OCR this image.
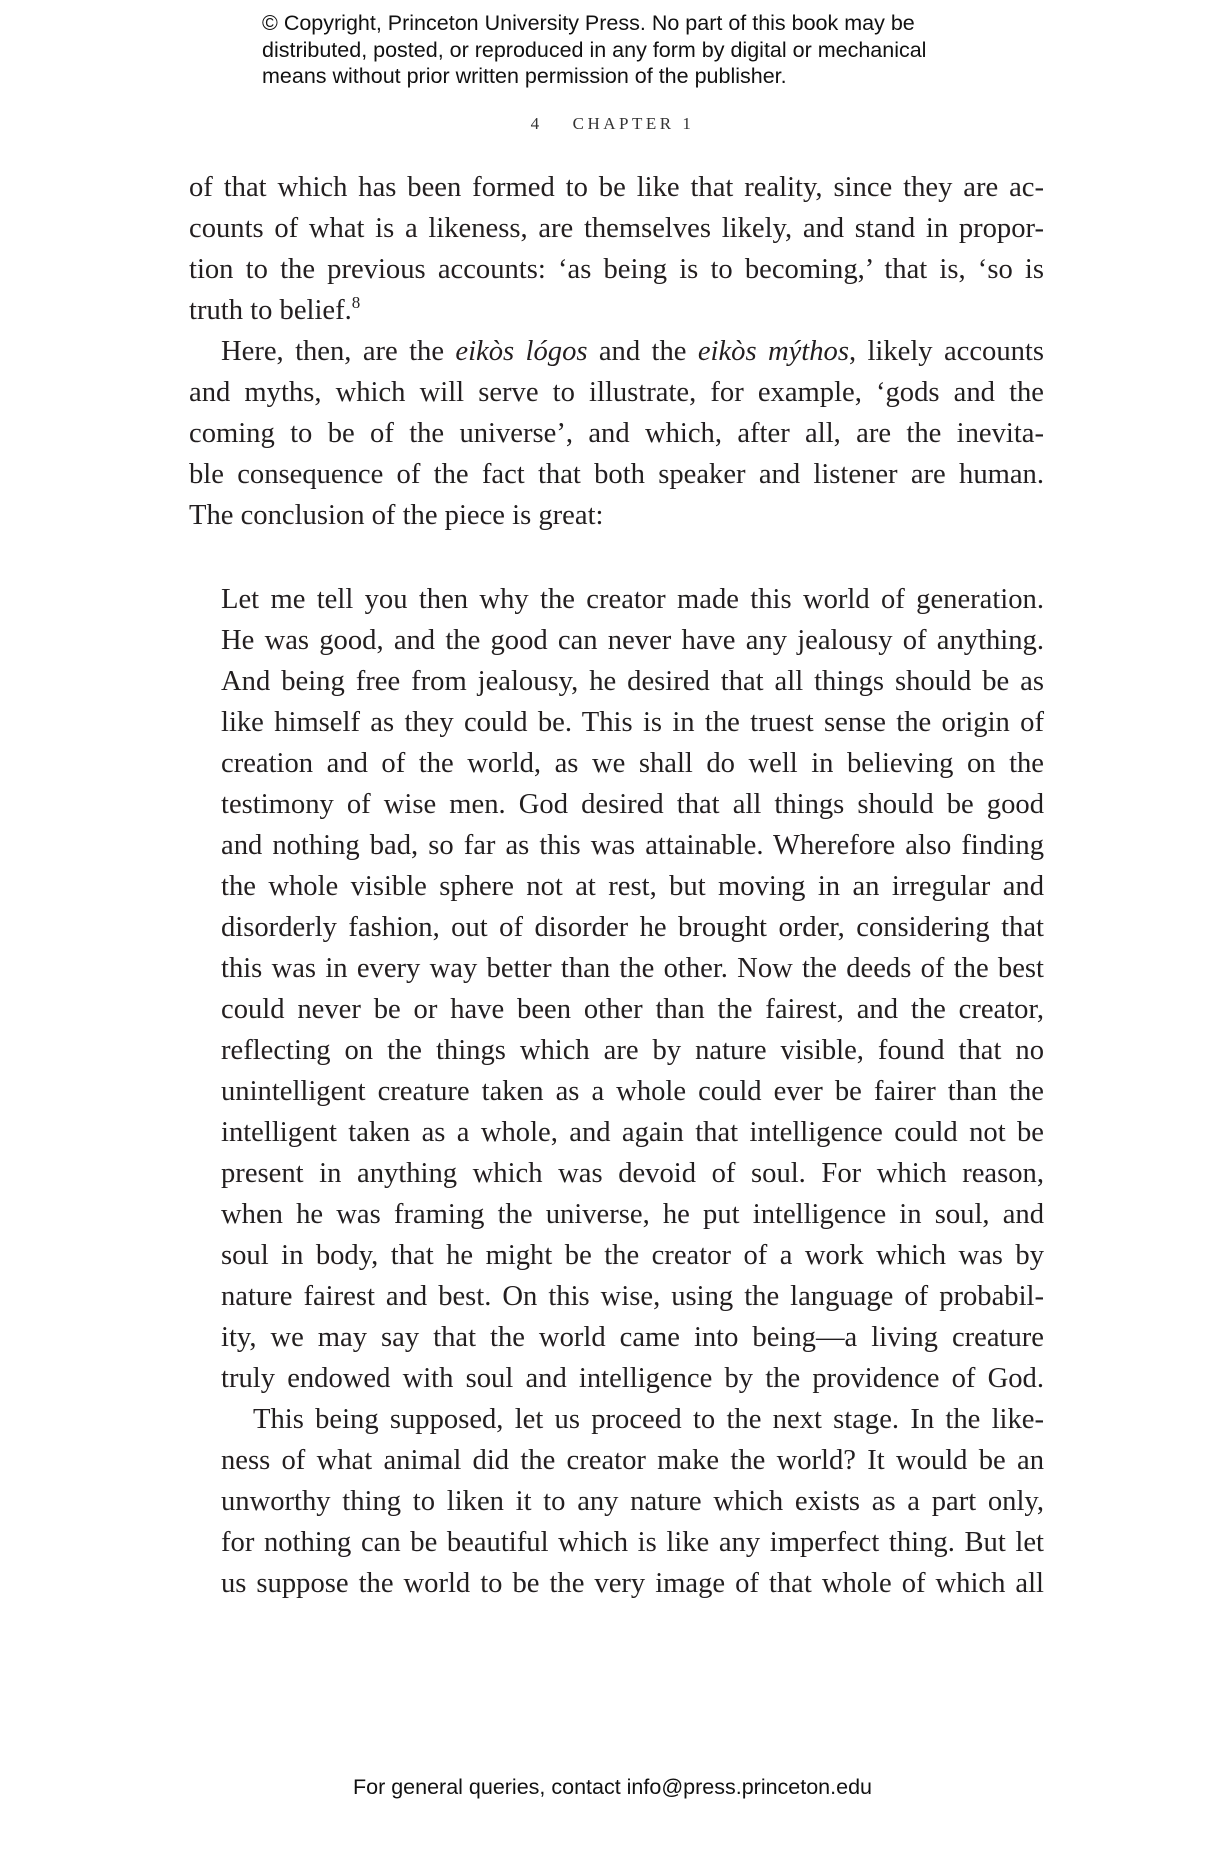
© Copyright, Princeton University Press. No part of this book may be
distributed, posted, or reproduced in any form by digital or mechanical
means without prior written permission of the publisher.
4 CHAPTER 1
of that which has been formed to be like that reality, since they are ac-
counts of what is a likeness, are themselves likely, and stand in propor-
tion to the previous accounts: ‘as being is to becoming,’ that is, ‘so is
truth to belief.$^8$
Here, then, are the eikòs lógos and the eikòs mýthos, likely accounts
and myths, which will serve to illustrate, for example, ‘gods and the
coming to be of the universe’, and which, after all, are the inevita-
ble consequence of the fact that both speaker and listener are human.
The conclusion of the piece is great:
Let me tell you then why the creator made this world of generation.
He was good, and the good can never have any jealousy of anything.
And being free from jealousy, he desired that all things should be as
like himself as they could be. This is in the truest sense the origin of
creation and of the world, as we shall do well in believing on the
testimony of wise men. God desired that all things should be good
and nothing bad, so far as this was attainable. Wherefore also finding
the whole visible sphere not at rest, but moving in an irregular and
disorderly fashion, out of disorder he brought order, considering that
this was in every way better than the other. Now the deeds of the best
could never be or have been other than the fairest, and the creator,
reflecting on the things which are by nature visible, found that no
unintelligent creature taken as a whole could ever be fairer than the
intelligent taken as a whole, and again that intelligence could not be
present in anything which was devoid of soul. For which reason,
when he was framing the universe, he put intelligence in soul, and
soul in body, that he might be the creator of a work which was by
nature fairest and best. On this wise, using the language of probabil-
ity, we may say that the world came into being—a living creature
truly endowed with soul and intelligence by the providence of God.
This being supposed, let us proceed to the next stage. In the like-
ness of what animal did the creator make the world? It would be an
unworthy thing to liken it to any nature which exists as a part only,
for nothing can be beautiful which is like any imperfect thing. But let
us suppose the world to be the very image of that whole of which all
For general queries, contact info@press.princeton.edu
